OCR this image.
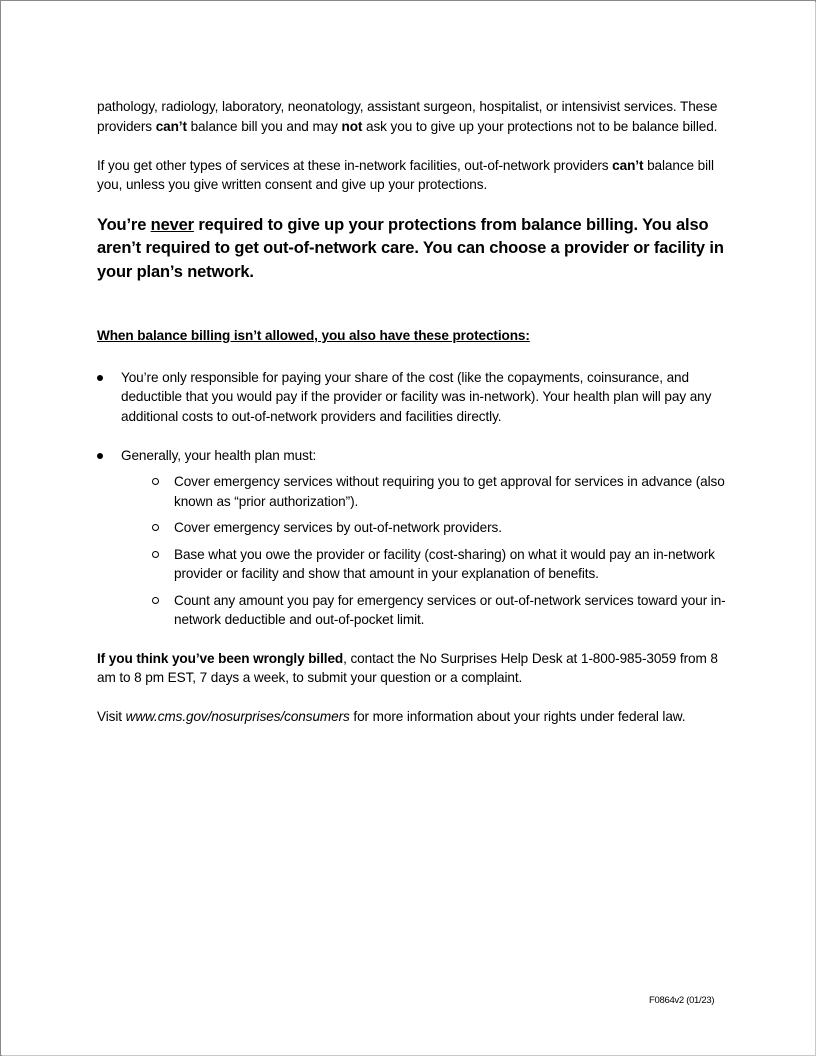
pathology, radiology, laboratory, neonatology, assistant surgeon, hospitalist, or intensivist services. These providers can’t balance bill you and may not ask you to give up your protections not to be balance billed.

If you get other types of services at these in-network facilities, out-of-network providers can’t balance bill you, unless you give written consent and give up your protections.

You’re never required to give up your protections from balance billing. You also aren’t required to get out-of-network care. You can choose a provider or facility in your plan’s network.

When balance billing isn’t allowed, you also have these protections:

You’re only responsible for paying your share of the cost (like the copayments, coinsurance, and deductible that you would pay if the provider or facility was in-network). Your health plan will pay any additional costs to out-of-network providers and facilities directly.
Generally, your health plan must:
Cover emergency services without requiring you to get approval for services in advance (also known as “prior authorization”).
Cover emergency services by out-of-network providers.
Base what you owe the provider or facility (cost-sharing) on what it would pay an in-network provider or facility and show that amount in your explanation of benefits.
Count any amount you pay for emergency services or out-of-network services toward your in-network deductible and out-of-pocket limit.

If you think you’ve been wrongly billed, contact the No Surprises Help Desk at 1-800-985-3059 from 8 am to 8 pm EST, 7 days a week, to submit your question or a complaint.

Visit www.cms.gov/nosurprises/consumers for more information about your rights under federal law.

F0864v2 (01/23)
